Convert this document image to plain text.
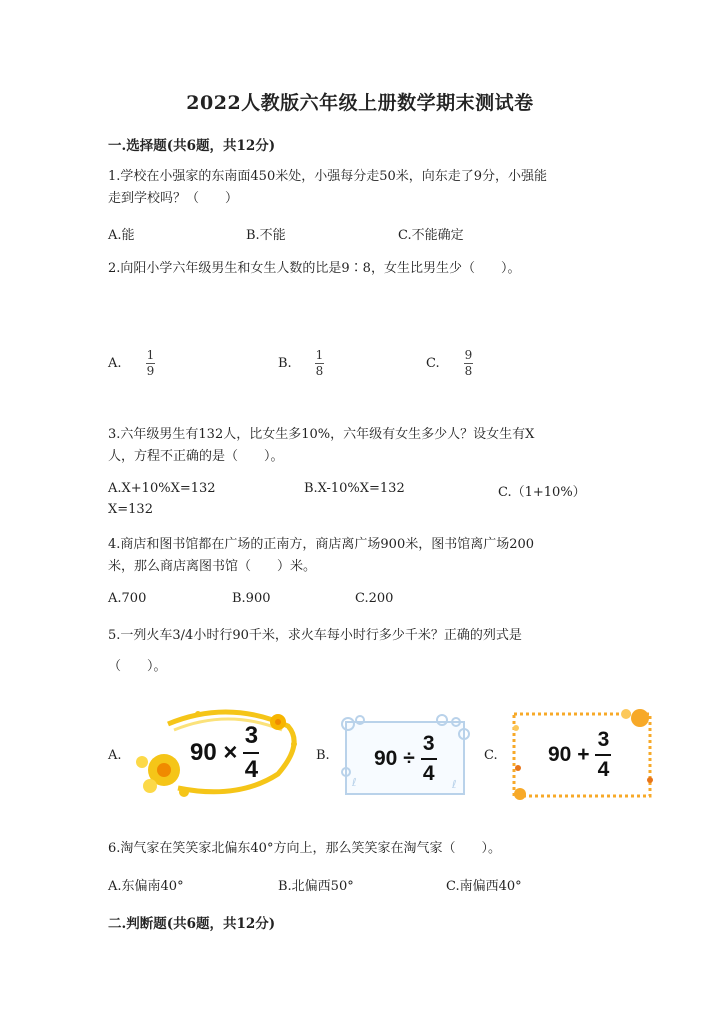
2022人教版六年级上册数学期末测试卷
一.选择题(共6题，共12分)
1.学校在小强家的东南面450米处，小强每分走50米，向东走了9分，小强能
走到学校吗？（　　）
A.能	B.不能	C.不能确定
2.向阳小学六年级男生和女生人数的比是9∶8，女生比男生少（　　）。
A.
1
9	B.
1
8	C.
9
8
3.六年级男生有132人，比女生多10%，六年级有女生多少人？设女生有X
人，方程不正确的是（　　）。
A.X+10%X=132	B.X-10%X=132	C.（1+10%）
X=132
4.商店和图书馆都在广场的正南方，商店离广场900米，图书馆离广场200
米，那么商店离图书馆（　　）米。
A.700	B.900	C.200
5.一列火车3/4小时行90千米，求火车每小时行多少千米？正确的列式是
（　　）。
A.	90 ×
3
4
B.
ℓ	ℓ
90 ÷
3
4
C. 90 +
3
4
6.淘气家在笑笑家北偏东40°方向上，那么笑笑家在淘气家（　　）。
A.东偏南40°	B.北偏西50°	C.南偏西40°
二.判断题(共6题，共12分)
